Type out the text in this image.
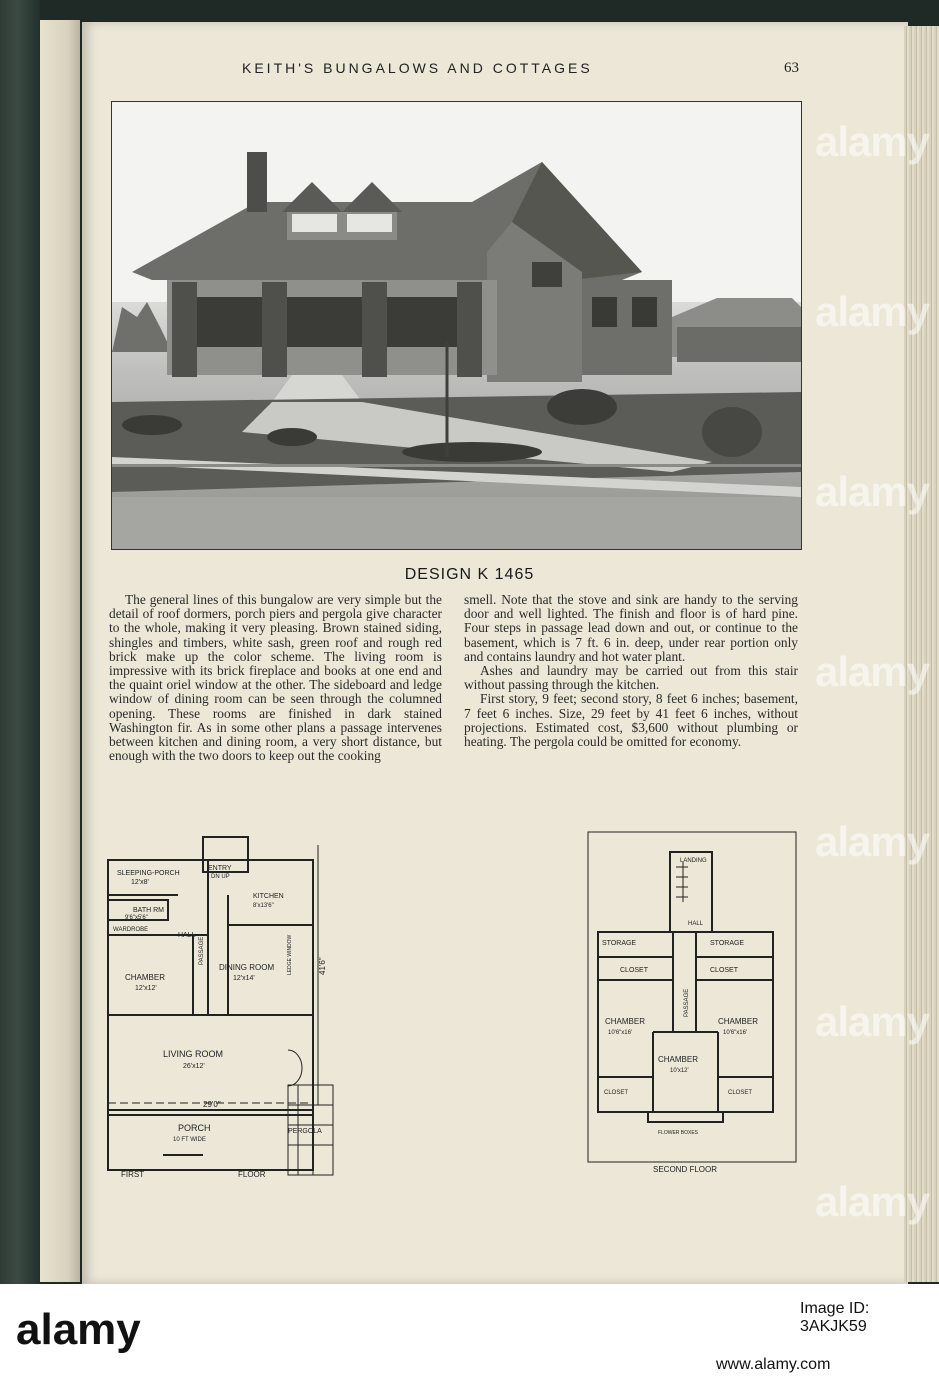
KEITH'S BUNGALOWS AND COTTAGES	63
DESIGN K 1465

The general lines of this bungalow are very simple but the detail of roof dormers, porch piers and pergola give character to the whole, making it very pleasing. Brown stained siding, shingles and timbers, white sash, green roof and rough red brick make up the color scheme. The living room is impressive with its brick fireplace and books at one end and the quaint oriel window at the other. The sideboard and ledge window of dining room can be seen through the columned opening. These rooms are finished in dark stained Washington fir. As in some other plans a passage intervenes between kitchen and dining room, a very short distance, but enough with the two doors to keep out the cooking

smell. Note that the stove and sink are handy to the serving door and well lighted. The finish and floor is of hard pine. Four steps in passage lead down and out, or continue to the basement, which is 7 ft. 6 in. deep, under rear portion only and contains laundry and hot water plant.

Ashes and laundry may be carried out from this stair without passing through the kitchen.

First story, 9 feet; second story, 8 feet 6 inches; basement, 7 feet 6 inches. Size, 29 feet by 41 feet 6 inches, without projections. Estimated cost, $3,600 without plumbing or heating. The pergola could be omitted for economy.

SLEEPING-PORCH
12'x8'
ENTRY
DN UP
KITCHEN
8'x13'6"
BATH RM
9'6"x5'6"
WARDROBE
HALL
PASSAGE
CHAMBER
12'x12'
DINING ROOM
12'x14'
LEDGE WINDOW
LIVING ROOM
26'x12'
29'0"
41'6"
PORCH
10 FT WIDE
PERGOLA
FIRST	FLOOR
LANDING
HALL
STORAGE	STORAGE
CLOSET	CLOSET
PASSAGE
CHAMBER
10'6"x16'
CHAMBER
10'6"x16'
CHAMBER
10'x12'
CLOSET	CLOSET
FLOWER BOXES
SECOND FLOOR
alamy
alamy
alamy
alamy
alamy
alamy
alamy
alamy	Image ID: 3AKJK59
www.alamy.com
